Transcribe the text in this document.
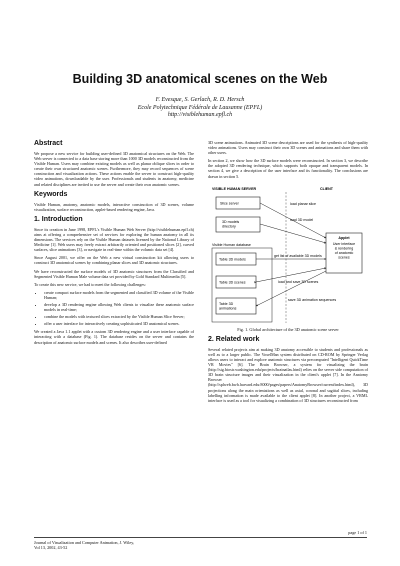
Building 3D anatomical scenes on the Web
F. Evesque, S. Gerlach, R. D. Hersch
Ecole Polytechnique Fédérale de Lausanne (EPFL)
http://visiblehuman.epfl.ch
Abstract

We propose a new service for building user-defined 3D anatomical structures on the Web. The Web server is connected to a data base storing more than 1000 3D models reconstructed from the Visible Human. Users may combine existing models as well as planar oblique slices in order to create their own structured anatomic scenes. Furthermore, they may record sequences of scene construction and visualization actions. These actions enable the server to construct high-quality video animations, downloadable by the user. Professionals and students in anatomy, medicine and related disciplines are invited to use the server and create their own anatomic scenes.

Keywords

Visible Human, anatomy, anatomic models, interactive construction of 3D scenes, volume visualization, surface reconstruction, applet-based rendering engine, Java.

1. Introduction

Since its creation in June 1998, EPFL's Visible Human Web Server (http://visiblehuman.epfl.ch) aims at offering a comprehensive set of services for exploring the human anatomy in all its dimensions. The services rely on the Visible Human datasets licensed by the National Library of Medicine [1]. Web users may freely extract arbitrarily oriented and positioned slices [2], curved surfaces, slice animations [3], or navigate in real-time within the volumic data set [4].

Since August 2001, we offer on the Web a new virtual construction kit allowing users to construct 3D anatomical scenes by combining planar slices and 3D anatomic structures.

We have reconstructed the surface models of 3D anatomic structures from the Classified and Segmented Visible Human Male volume data set provided by Gold Standard Multimedia [5].

To create this new service, we had to meet the following challenges:

• create compact surface models from the segmented and classified 3D volume of the Visible Human;
• develop a 3D rendering engine allowing Web clients to visualize these anatomic surface models in real-time;
• combine the models with textured slices extracted by the Visible Human Slice Server;
• offer a user interface for interactively creating sophisticated 3D anatomical scenes.

We created a Java 1.1 applet with a custom 3D rendering engine and a user interface capable of interacting with a database (Fig. 1). The database resides on the server and contains the description of anatomic surface models and scenes. It also describes user-defined

3D scene animations. Animated 3D scene descriptions are used for the synthesis of high-quality video animations. Users may construct their own 3D scenes and animations and share them with other users.

In section 2, we show how the 3D surface models were reconstructed. In section 3, we describe the adopted 3D rendering technique, which supports both opaque and transparent models. In section 4, we give a description of the user interface and its functionality. The conclusions are drawn in section 5.

VISIBLE HUMAN SERVER	CLIENT
Slice server
3D models directory
Visible Human database
Table 3D models
Table 3D scenes
Table 3D animations
Applet
User interface & rendering of anatomic scenes
load planar slice
load 3D model
get list of available 3D models
load and save 3D scenes
save 3D animation sequences
Fig. 1. Global architecture of the 3D anatomic scene server
2. Related work

Several related projects aim at making 3D anatomy accessible to students and professionals as well as to a larger public. The VoxelMan system distributed on CD-ROM by Springer Verlag allows users to interact and explore anatomic structures via precomputed "Intelligent QuickTime VR Movies" [6]. The Brain Browser, a system for visualizing the brain (http://sig.biostr.washington.edu/projects/brainatlas.html) relies on the server side computation of 3D brain structure images and their visualization in the client's applet [7]. In the Anatomy Browser (http://splweb.bwh.harvard.edu:8000/pages/papers/AnatomyBrowser/current/index.html), 3D projections along the main orientations as well as axial, coronal and sagittal slices, including labelling information is made available to the client applet [8]. In another project, a VRML interface is used as a tool for visualizing a combination of 3D structures reconstructed from

page 1 of 1
Journal of Visualization and Computer Animation, J. Wiley,
Vol 13, 2002, 43-52
